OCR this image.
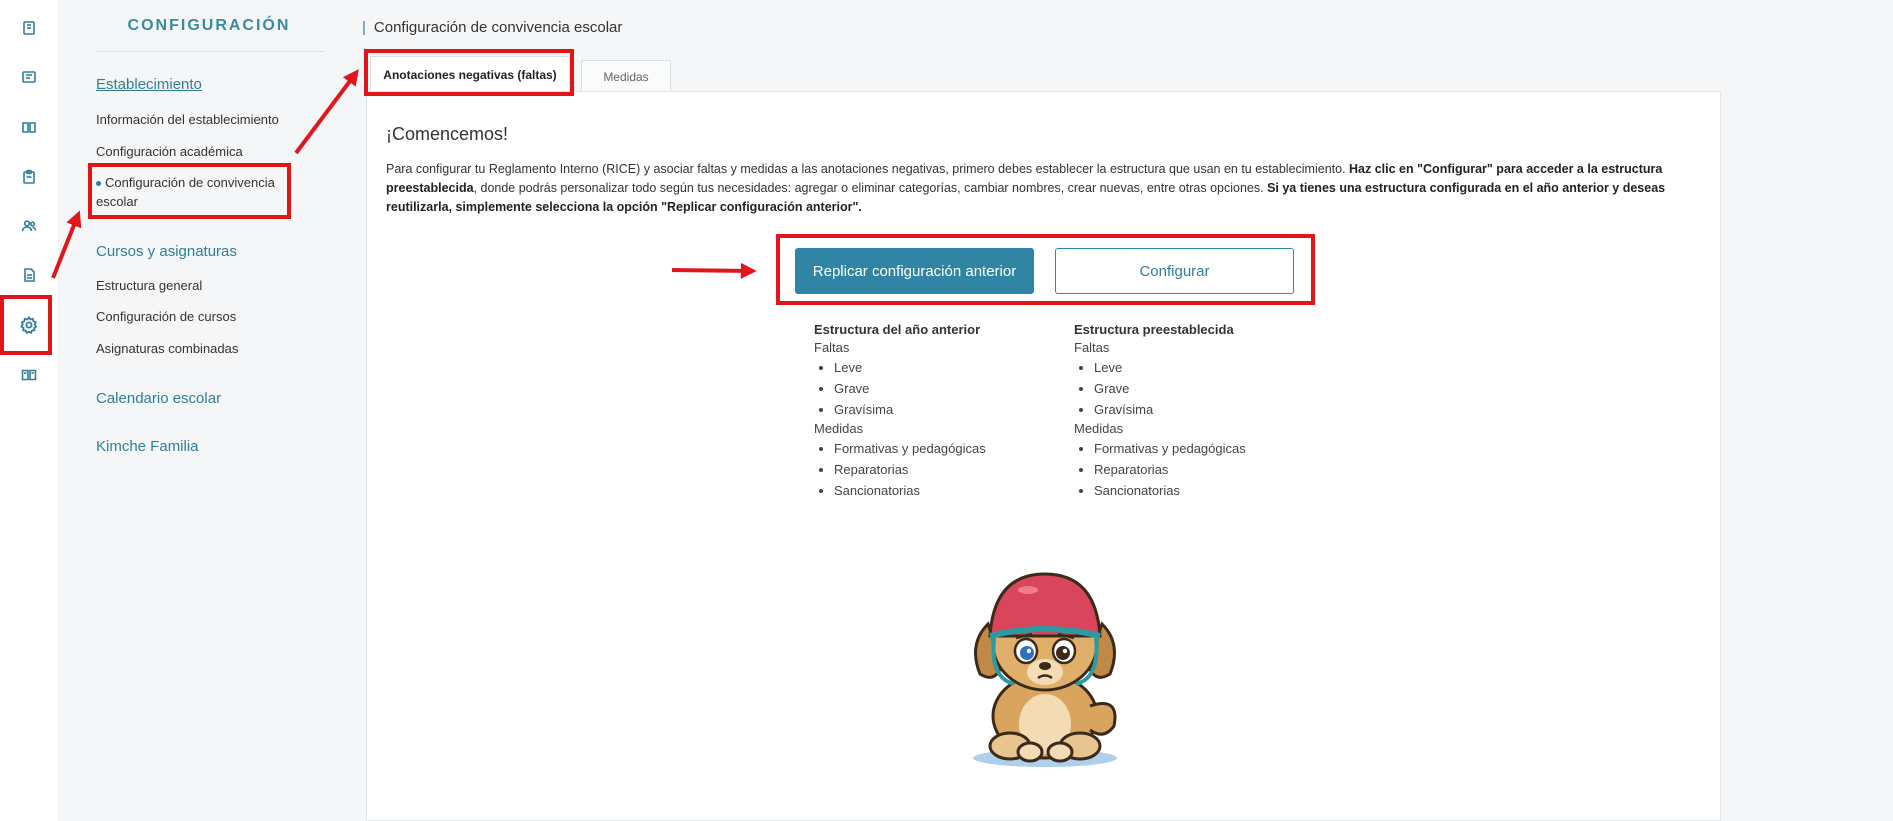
CONFIGURACIÓN
Establecimiento
Información del establecimiento
Configuración académica
Configuración de convivencia
escolar
Cursos y asignaturas
Estructura general
Configuración de cursos
Asignaturas combinadas
Calendario escolar
Kimche Familia
| Configuración de convivencia escolar
Anotaciones negativas (faltas)	Medidas
¡Comencemos!
Para configurar tu Reglamento Interno (RICE) y asociar faltas y medidas a las anotaciones negativas, primero debes establecer la estructura que usan en tu establecimiento. Haz clic en "Configurar" para acceder a la estructura preestablecida, donde podrás personalizar todo según tus necesidades: agregar o eliminar categorías, cambiar nombres, crear nuevas, entre otras opciones. Si ya tienes una estructura configurada en el año anterior y deseas reutilizarla, simplemente selecciona la opción "Replicar configuración anterior".
Replicar configuración anterior	Configurar
Estructura del año anterior
Faltas
• Leve
• Grave
• Gravísima
Medidas
• Formativas y pedagógicas
• Reparatorias
• Sancionatorias
Estructura preestablecida
Faltas
• Leve
• Grave
• Gravísima
Medidas
• Formativas y pedagógicas
• Reparatorias
• Sancionatorias
